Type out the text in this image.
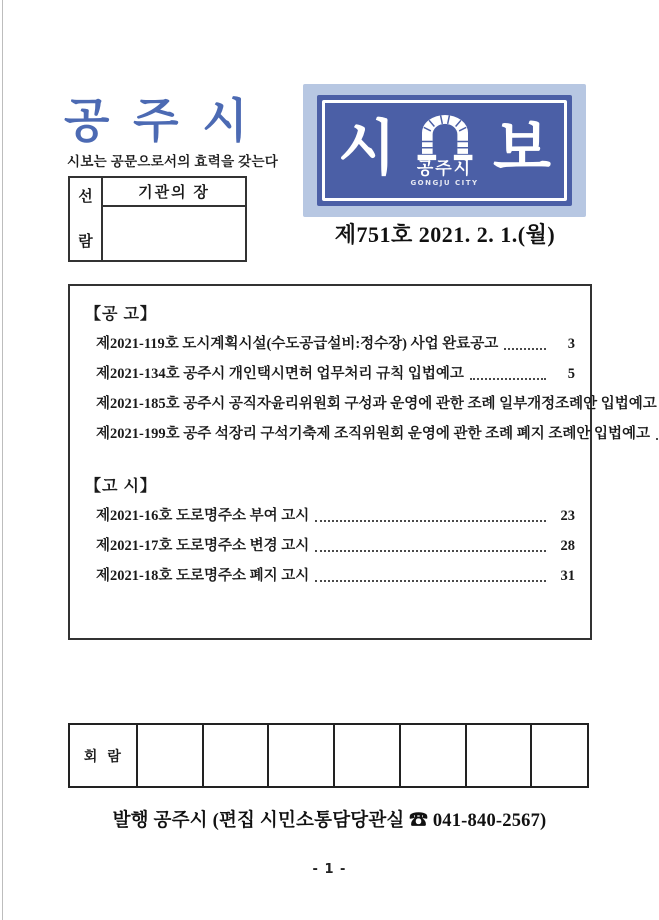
공 주 시
시보는 공문으로서의 효력을 갖는다
선
람
기관의 장
시 공주시
GONGJU CITY 보
제751호 2021. 2. 1.(월)
【공 고】
제2021-119호 도시계획시설(수도공급설비:정수장) 사업 완료공고	3
제2021-134호 공주시 개인택시면허 업무처리 규칙 입법예고	5
제2021-185호 공주시 공직자윤리위원회 구성과 운영에 관한 조례 일부개정조례안 입법예고
제2021-199호 공주 석장리 구석기축제 조직위원회 운영에 관한 조례 폐지 조례안 입법예고
【고 시】
제2021-16호 도로명주소 부여 고시	23
제2021-17호 도로명주소 변경 고시	28
제2021-18호 도로명주소 폐지 고시	31
회  람							
발행 공주시 (편집 시민소통담당관실 ☎ 041-840-2567)
- 1 -
